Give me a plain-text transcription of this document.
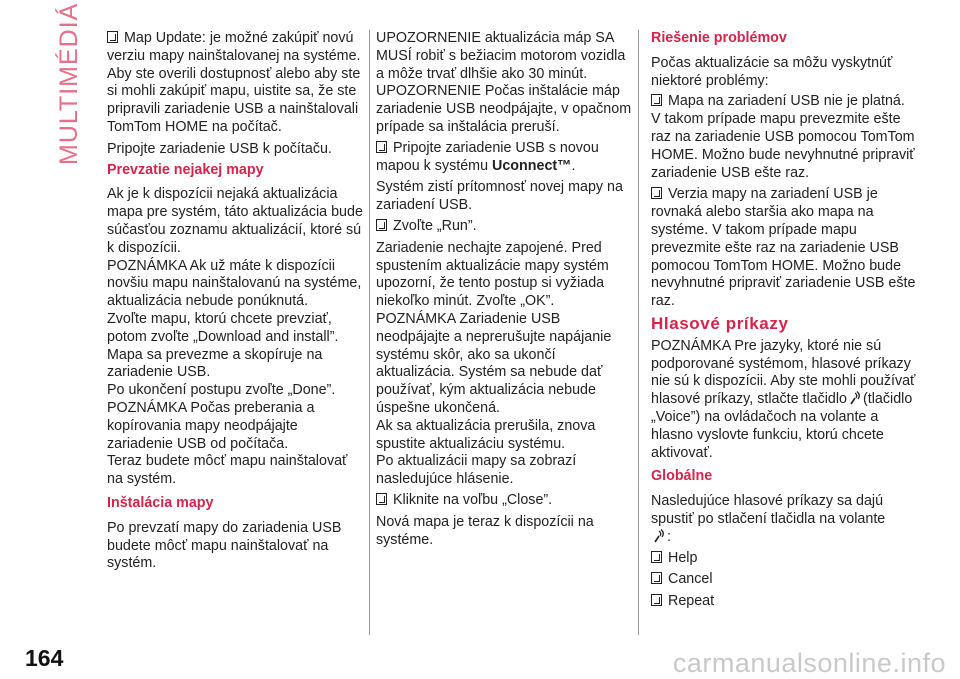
MULTIMÉDIÁ	Map Update: je možné zakúpiť novú verziu mapy nainštalovanej na systéme. Aby ste overili dostupnosť alebo aby ste si mohli zakúpiť mapu, uistite sa, že ste pripravili zariadenie USB a nainštalovali TomTom HOME na počítač.

Pripojte zariadenie USB k počítaču.

Prevzatie nejakej mapy

Ak je k dispozícii nejaká aktualizácia mapa pre systém, táto aktualizácia bude súčasťou zoznamu aktualizácií, ktoré sú k dispozícii.
POZNÁMKA Ak už máte k dispozícii novšiu mapu nainštalovanú na systéme, aktualizácia nebude ponúknutá.
Zvoľte mapu, ktorú chcete prevziať, potom zvoľte „Download and install”.
Mapa sa prevezme a skopíruje na zariadenie USB.
Po ukončení postupu zvoľte „Done”.
POZNÁMKA Počas preberania a kopírovania mapy neodpájajte zariadenie USB od počítača.
Teraz budete môcť mapu nainštalovať na systém.

Inštalácia mapy

Po prevzatí mapy do zariadenia USB budete môcť mapu nainštalovať na systém.

UPOZORNENIE aktualizácia máp SA MUSÍ robiť s bežiacim motorom vozidla a môže trvať dlhšie ako 30 minút.
UPOZORNENIE Počas inštalácie máp zariadenie USB neodpájajte, v opačnom prípade sa inštalácia preruší.

Pripojte zariadenie USB s novou mapou k systému Uconnect™.

Systém zistí prítomnosť novej mapy na zariadení USB.

Zvoľte „Run”.

Zariadenie nechajte zapojené. Pred spustením aktualizácie mapy systém upozorní, že tento postup si vyžiada niekoľko minút. Zvoľte „OK”.
POZNÁMKA Zariadenie USB neodpájajte a neprerušujte napájanie systému skôr, ako sa ukončí aktualizácia. Systém sa nebude dať používať, kým aktualizácia nebude úspešne ukončená.
Ak sa aktualizácia prerušila, znova spustite aktualizáciu systému.
Po aktualizácii mapy sa zobrazí nasledujúce hlásenie.

Kliknite na voľbu „Close”.

Nová mapa je teraz k dispozícii na systéme.

Riešenie problémov

Počas aktualizácie sa môžu vyskytnúť niektoré problémy:

Mapa na zariadení USB nie je platná. V takom prípade mapu prevezmite ešte raz na zariadenie USB pomocou TomTom HOME. Možno bude nevyhnutné pripraviť zariadenie USB ešte raz.

Verzia mapy na zariadení USB je rovnaká alebo staršia ako mapa na systéme. V takom prípade mapu prevezmite ešte raz na zariadenie USB pomocou TomTom HOME. Možno bude nevyhnutné pripraviť zariadenie USB ešte raz.

Hlasové príkazy

POZNÁMKA Pre jazyky, ktoré nie sú podporované systémom, hlasové príkazy nie sú k dispozícii. Aby ste mohli používať hlasové príkazy, stlačte tlačidlo (tlačidlo „Voice”) na ovládačoch na volante a hlasno vyslovte funkciu, ktorú chcete aktivovať.

Globálne

Nasledujúce hlasové príkazy sa dajú spustiť po stlačení tlačidla na volante
:

Help

Cancel

Repeat

164	carmanualsonline.info
